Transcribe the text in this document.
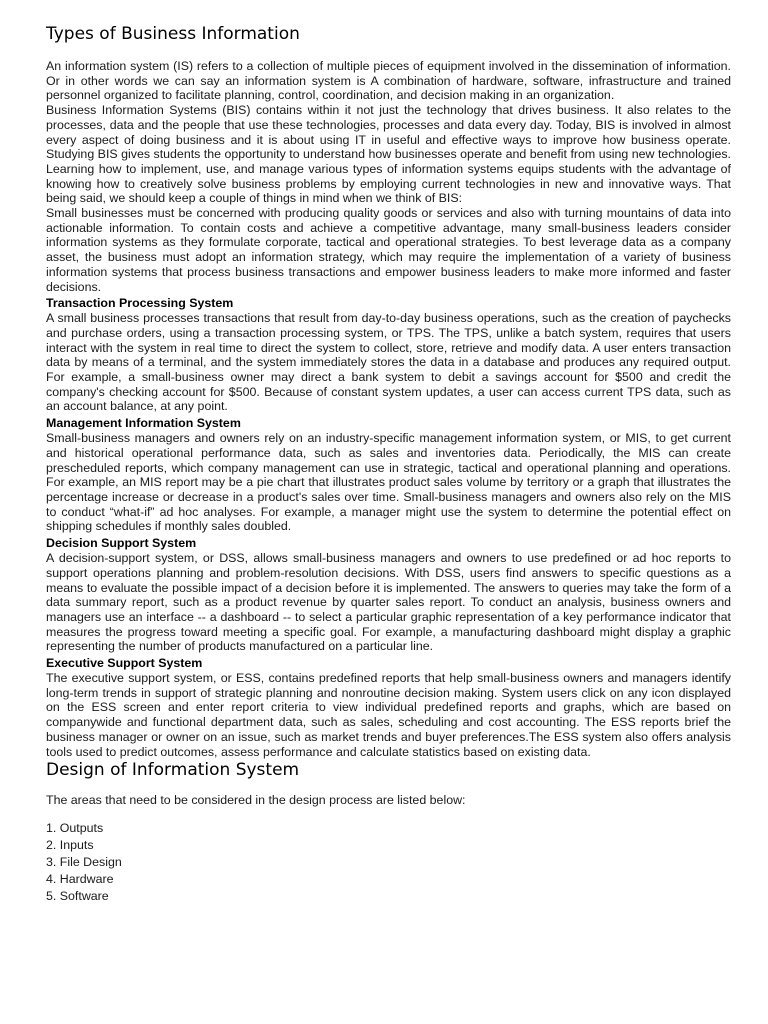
Types of Business Information

An information system (IS) refers to a collection of multiple pieces of equipment involved in the dissemination of information. Or in other words we can say an information system is A combination of hardware, software, infrastructure and trained personnel organized to facilitate planning, control, coordination, and decision making in an organization.

Business Information Systems (BIS) contains within it not just the technology that drives business. It also relates to the processes, data and the people that use these technologies, processes and data every day. Today, BIS is involved in almost every aspect of doing business and it is about using IT in useful and effective ways to improve how business operate. Studying BIS gives students the opportunity to understand how businesses operate and benefit from using new technologies. Learning how to implement, use, and manage various types of information systems equips students with the advantage of knowing how to creatively solve business problems by employing current technologies in new and innovative ways. That being said, we should keep a couple of things in mind when we think of BIS:

Small businesses must be concerned with producing quality goods or services and also with turning mountains of data into actionable information. To contain costs and achieve a competitive advantage, many small-business leaders consider information systems as they formulate corporate, tactical and operational strategies. To best leverage data as a company asset, the business must adopt an information strategy, which may require the implementation of a variety of business information systems that process business transactions and empower business leaders to make more informed and faster decisions.

Transaction Processing System

A small business processes transactions that result from day-to-day business operations, such as the creation of paychecks and purchase orders, using a transaction processing system, or TPS. The TPS, unlike a batch system, requires that users interact with the system in real time to direct the system to collect, store, retrieve and modify data. A user enters transaction data by means of a terminal, and the system immediately stores the data in a database and produces any required output. For example, a small-business owner may direct a bank system to debit a savings account for $500 and credit the company's checking account for $500. Because of constant system updates, a user can access current TPS data, such as an account balance, at any point.

Management Information System

Small-business managers and owners rely on an industry-specific management information system, or MIS, to get current and historical operational performance data, such as sales and inventories data. Periodically, the MIS can create prescheduled reports, which company management can use in strategic, tactical and operational planning and operations. For example, an MIS report may be a pie chart that illustrates product sales volume by territory or a graph that illustrates the percentage increase or decrease in a product's sales over time. Small-business managers and owners also rely on the MIS to conduct “what-if” ad hoc analyses. For example, a manager might use the system to determine the potential effect on shipping schedules if monthly sales doubled.

Decision Support System

A decision-support system, or DSS, allows small-business managers and owners to use predefined or ad hoc reports to support operations planning and problem-resolution decisions. With DSS, users find answers to specific questions as a means to evaluate the possible impact of a decision before it is implemented. The answers to queries may take the form of a data summary report, such as a product revenue by quarter sales report. To conduct an analysis, business owners and managers use an interface -- a dashboard -- to select a particular graphic representation of a key performance indicator that measures the progress toward meeting a specific goal. For example, a manufacturing dashboard might display a graphic representing the number of products manufactured on a particular line.

Executive Support System

The executive support system, or ESS, contains predefined reports that help small-business owners and managers identify long-term trends in support of strategic planning and nonroutine decision making. System users click on any icon displayed on the ESS screen and enter report criteria to view individual predefined reports and graphs, which are based on companywide and functional department data, such as sales, scheduling and cost accounting. The ESS reports brief the business manager or owner on an issue, such as market trends and buyer preferences.The ESS system also offers analysis tools used to predict outcomes, assess performance and calculate statistics based on existing data.

Design of Information System

The areas that need to be considered in the design process are listed below:

1. Outputs
2. Inputs
3. File Design
4. Hardware
5. Software
